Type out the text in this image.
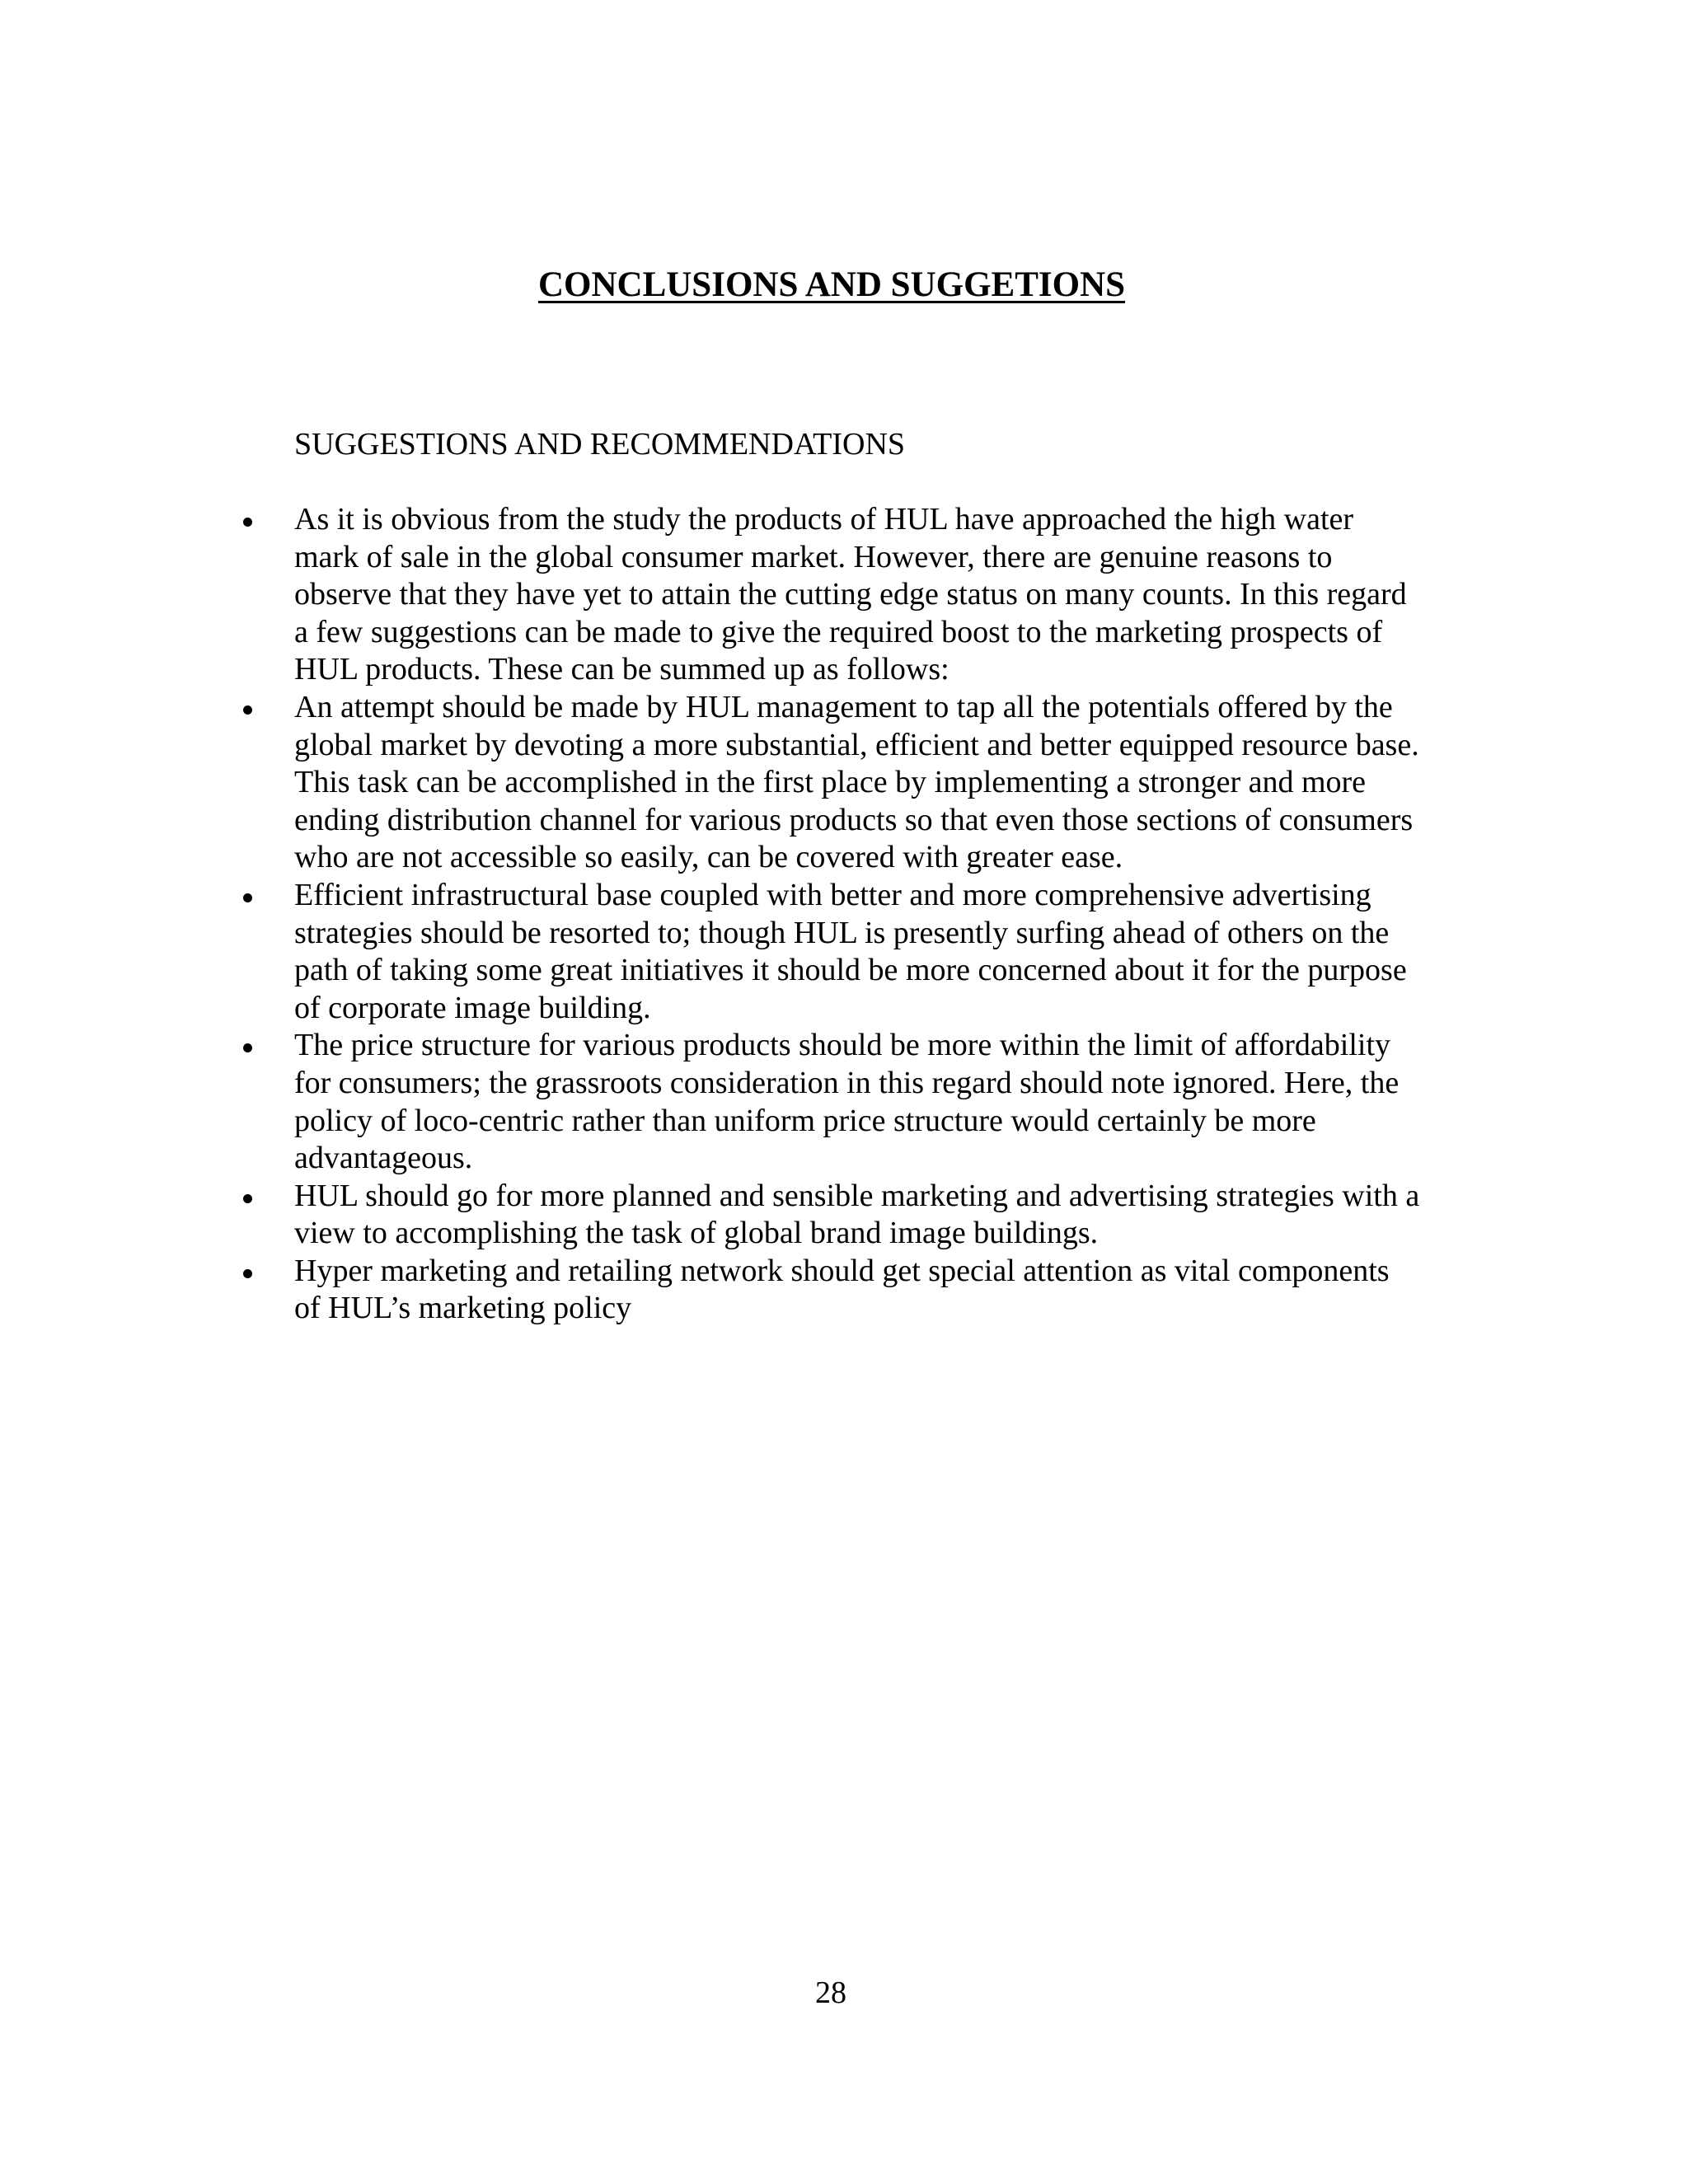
CONCLUSIONS AND SUGGETIONS

SUGGESTIONS AND RECOMMENDATIONS

As it is obvious from the study the products of HUL have approached the high water
mark of sale in the global consumer market. However, there are genuine reasons to
observe that they have yet to attain the cutting edge status on many counts. In this regard
a few suggestions can be made to give the required boost to the marketing prospects of
HUL products. These can be summed up as follows:
An attempt should be made by HUL management to tap all the potentials offered by the
global market by devoting a more substantial, efficient and better equipped resource base.
This task can be accomplished in the first place by implementing a stronger and more
ending distribution channel for various products so that even those sections of consumers
who are not accessible so easily, can be covered with greater ease.
Efficient infrastructural base coupled with better and more comprehensive advertising
strategies should be resorted to; though HUL is presently surfing ahead of others on the
path of taking some great initiatives it should be more concerned about it for the purpose
of corporate image building.
The price structure for various products should be more within the limit of affordability
for consumers; the grassroots consideration in this regard should note ignored. Here, the
policy of loco-centric rather than uniform price structure would certainly be more
advantageous.
HUL should go for more planned and sensible marketing and advertising strategies with a
view to accomplishing the task of global brand image buildings.
Hyper marketing and retailing network should get special attention as vital components
of HUL’s marketing policy

28
